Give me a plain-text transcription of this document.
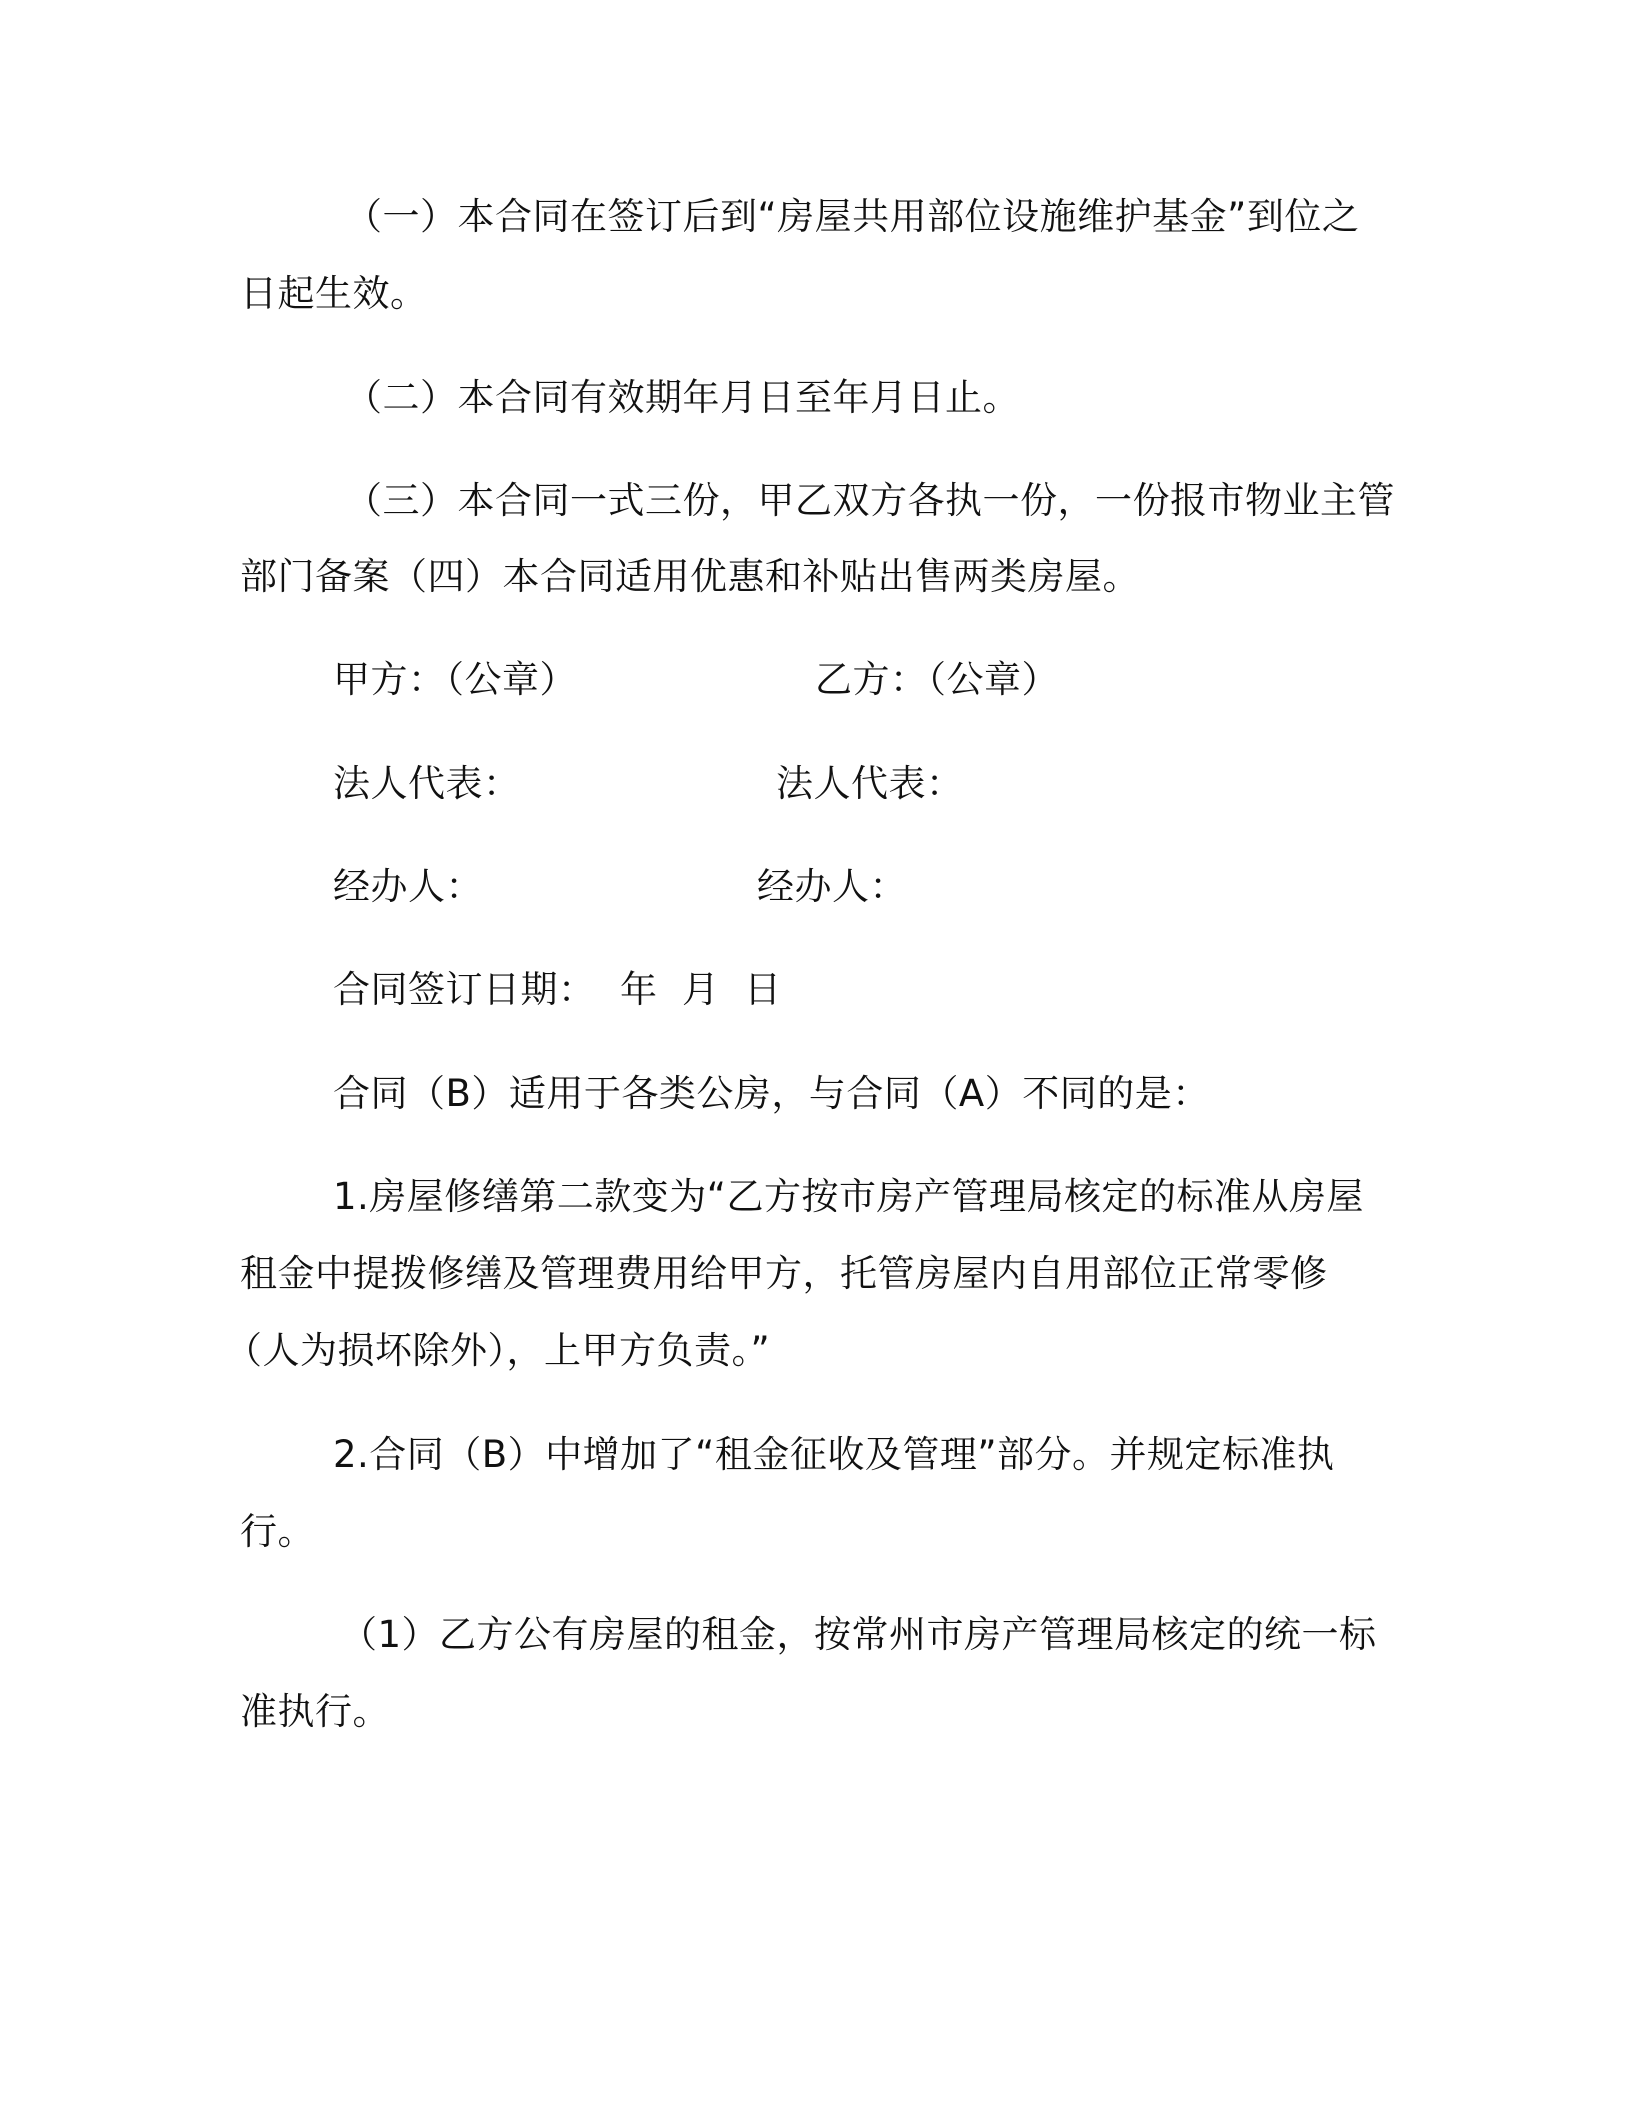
（一）本合同在签订后到“房屋共用部位设施维护基金”到位之
日起生效。
（二）本合同有效期年月日至年月日止。
（三）本合同一式三份，甲乙双方各执一份，一份报市物业主管
部门备案（四）本合同适用优惠和补贴出售两类房屋。
甲方：（公章）	乙方：（公章）
法人代表：	法人代表：
经办人：	经办人：
合同签订日期：  年  月  日
合同（B）适用于各类公房，与合同（A）不同的是：
1.房屋修缮第二款变为“乙方按市房产管理局核定的标准从房屋
租金中提拨修缮及管理费用给甲方，托管房屋内自用部位正常零修
（人为损坏除外），上甲方负责。”
2.合同（B）中增加了“租金征收及管理”部分。并规定标准执
行。
（1）乙方公有房屋的租金，按常州市房产管理局核定的统一标
准执行。
